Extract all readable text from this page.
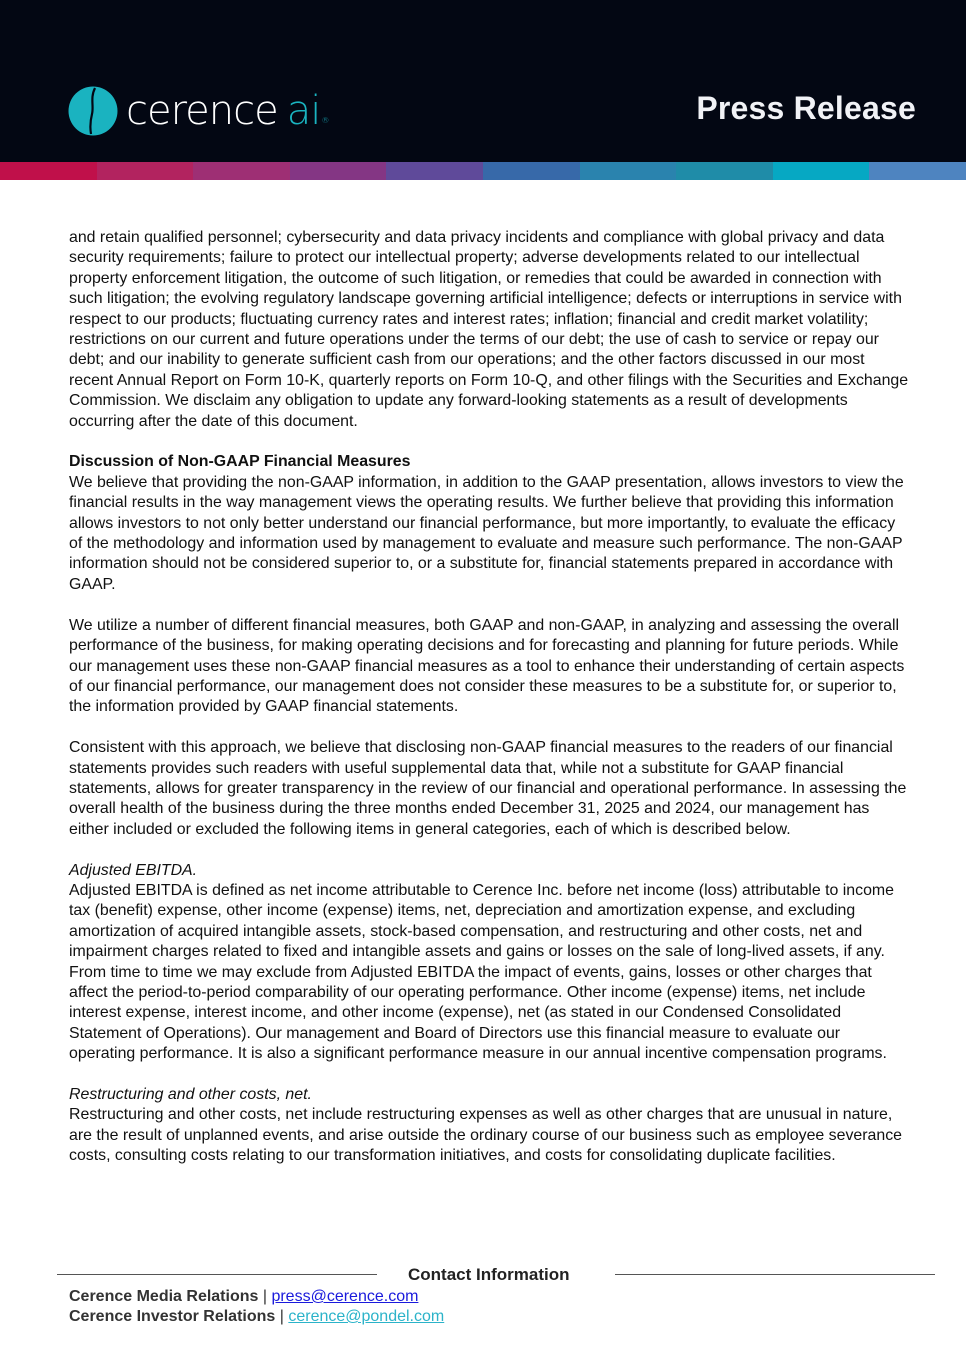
cerence ai®	Press Release

and retain qualified personnel; cybersecurity and data privacy incidents and compliance with global privacy and data security requirements; failure to protect our intellectual property; adverse developments related to our intellectual property enforcement litigation, the outcome of such litigation, or remedies that could be awarded in connection with such litigation; the evolving regulatory landscape governing artificial intelligence; defects or interruptions in service with respect to our products; fluctuating currency rates and interest rates; inflation; financial and credit market volatility; restrictions on our current and future operations under the terms of our debt; the use of cash to service or repay our debt; and our inability to generate sufficient cash from our operations; and the other factors discussed in our most recent Annual Report on Form 10-K, quarterly reports on Form 10-Q, and other filings with the Securities and Exchange Commission. We disclaim any obligation to update any forward-looking statements as a result of developments occurring after the date of this document.

Discussion of Non-GAAP Financial Measures

We believe that providing the non-GAAP information, in addition to the GAAP presentation, allows investors to view the financial results in the way management views the operating results. We further believe that providing this information allows investors to not only better understand our financial performance, but more importantly, to evaluate the efficacy of the methodology and information used by management to evaluate and measure such performance. The non-GAAP information should not be considered superior to, or a substitute for, financial statements prepared in accordance with GAAP.

We utilize a number of different financial measures, both GAAP and non-GAAP, in analyzing and assessing the overall performance of the business, for making operating decisions and for forecasting and planning for future periods. While our management uses these non-GAAP financial measures as a tool to enhance their understanding of certain aspects of our financial performance, our management does not consider these measures to be a substitute for, or superior to, the information provided by GAAP financial statements.

Consistent with this approach, we believe that disclosing non-GAAP financial measures to the readers of our financial statements provides such readers with useful supplemental data that, while not a substitute for GAAP financial statements, allows for greater transparency in the review of our financial and operational performance. In assessing the overall health of the business during the three months ended December 31, 2025 and 2024, our management has either included or excluded the following items in general categories, each of which is described below.

Adjusted EBITDA.

Adjusted EBITDA is defined as net income attributable to Cerence Inc. before net income (loss) attributable to income tax (benefit) expense, other income (expense) items, net, depreciation and amortization expense, and excluding amortization of acquired intangible assets, stock-based compensation, and restructuring and other costs, net and impairment charges related to fixed and intangible assets and gains or losses on the sale of long-lived assets, if any. From time to time we may exclude from Adjusted EBITDA the impact of events, gains, losses or other charges that affect the period-to-period comparability of our operating performance. Other income (expense) items, net include interest expense, interest income, and other income (expense), net (as stated in our Condensed Consolidated Statement of Operations). Our management and Board of Directors use this financial measure to evaluate our operating performance. It is also a significant performance measure in our annual incentive compensation programs.

Restructuring and other costs, net.

Restructuring and other costs, net include restructuring expenses as well as other charges that are unusual in nature, are the result of unplanned events, and arise outside the ordinary course of our business such as employee severance costs, consulting costs relating to our transformation initiatives, and costs for consolidating duplicate facilities.

Contact Information
Cerence Media Relations | press@cerence.com
Cerence Investor Relations | cerence@pondel.com
